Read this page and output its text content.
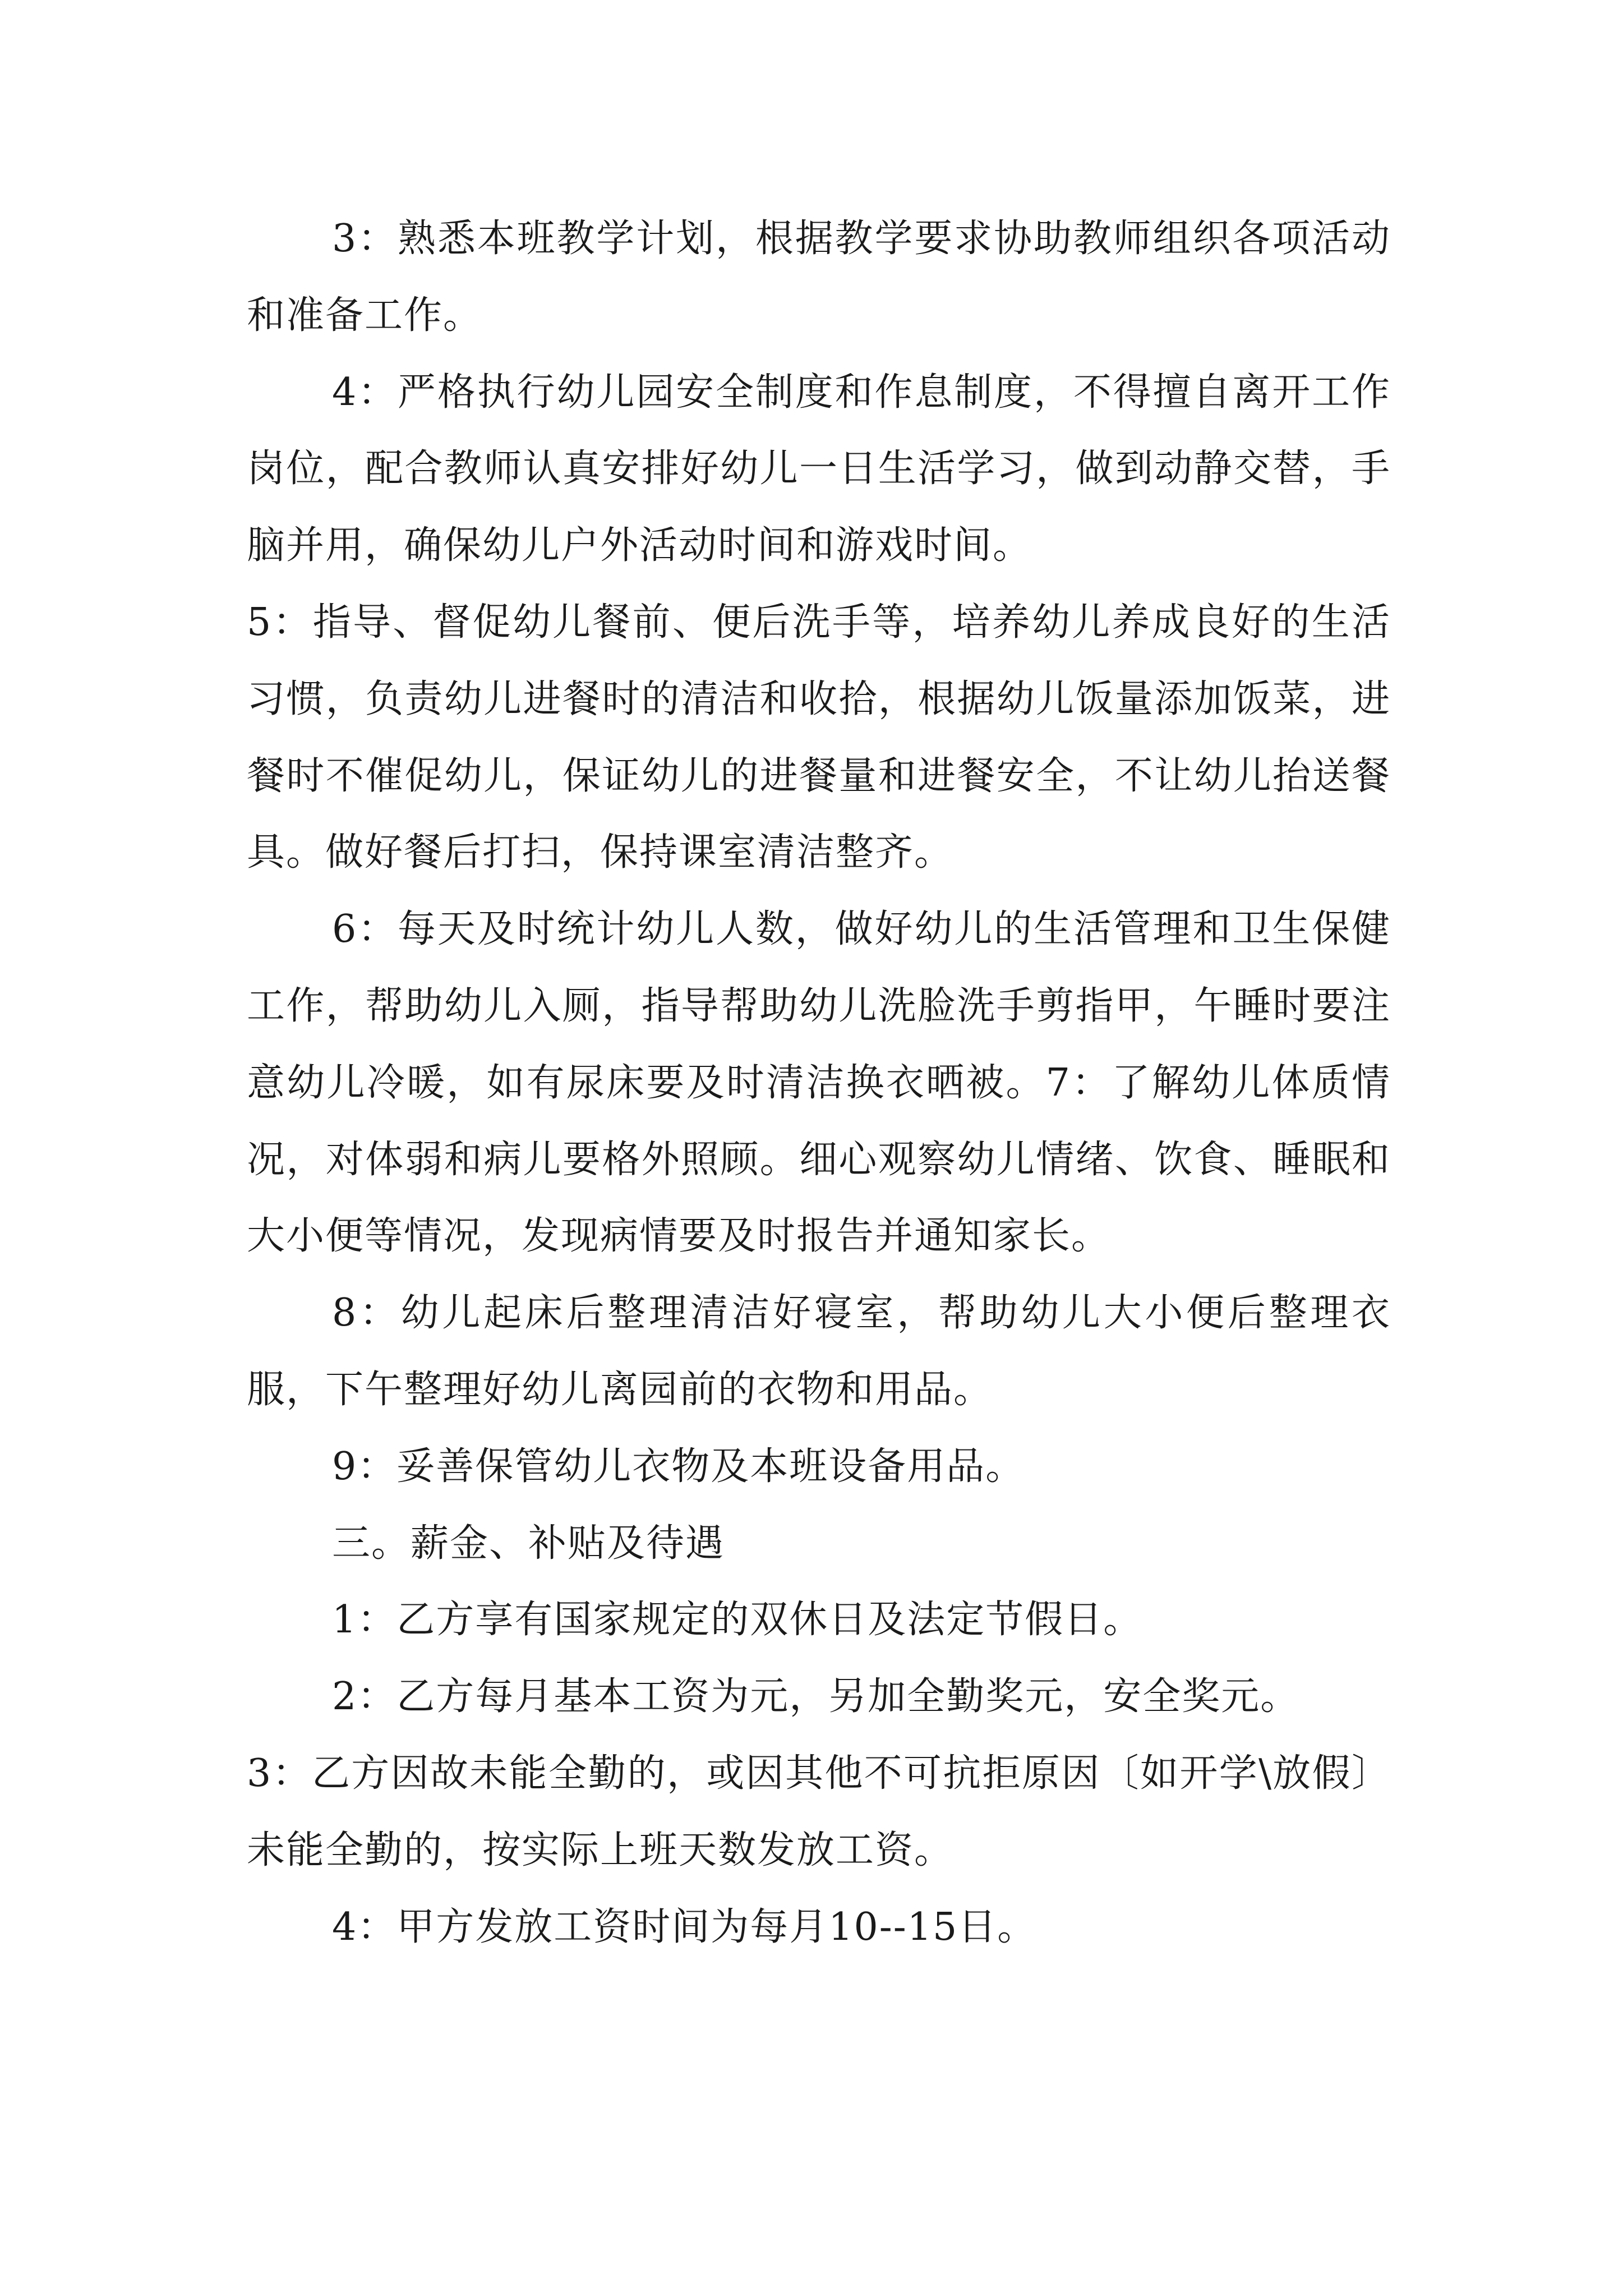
3：熟悉本班教学计划，根据教学要求协助教师组织各项活动和准备工作。

4：严格执行幼儿园安全制度和作息制度，不得擅自离开工作岗位，配合教师认真安排好幼儿一日生活学习，做到动静交替，手脑并用，确保幼儿户外活动时间和游戏时间。

5：指导、督促幼儿餐前、便后洗手等，培养幼儿养成良好的生活习惯，负责幼儿进餐时的清洁和收拾，根据幼儿饭量添加饭菜，进餐时不催促幼儿，保证幼儿的进餐量和进餐安全，不让幼儿抬送餐具。做好餐后打扫，保持课室清洁整齐。

6：每天及时统计幼儿人数，做好幼儿的生活管理和卫生保健工作，帮助幼儿入厕，指导帮助幼儿洗脸洗手剪指甲，午睡时要注意幼儿冷暖，如有尿床要及时清洁换衣晒被。7：了解幼儿体质情况，对体弱和病儿要格外照顾。细心观察幼儿情绪、饮食、睡眠和大小便等情况，发现病情要及时报告并通知家长。

8：幼儿起床后整理清洁好寝室，帮助幼儿大小便后整理衣服，下午整理好幼儿离园前的衣物和用品。

9：妥善保管幼儿衣物及本班设备用品。

三。薪金、补贴及待遇

1：乙方享有国家规定的双休日及法定节假日。

2：乙方每月基本工资为元，另加全勤奖元，安全奖元。

3：乙方因故未能全勤的，或因其他不可抗拒原因〔如开学\放假〕未能全勤的，按实际上班天数发放工资。

4：甲方发放工资时间为每月10--15日。
